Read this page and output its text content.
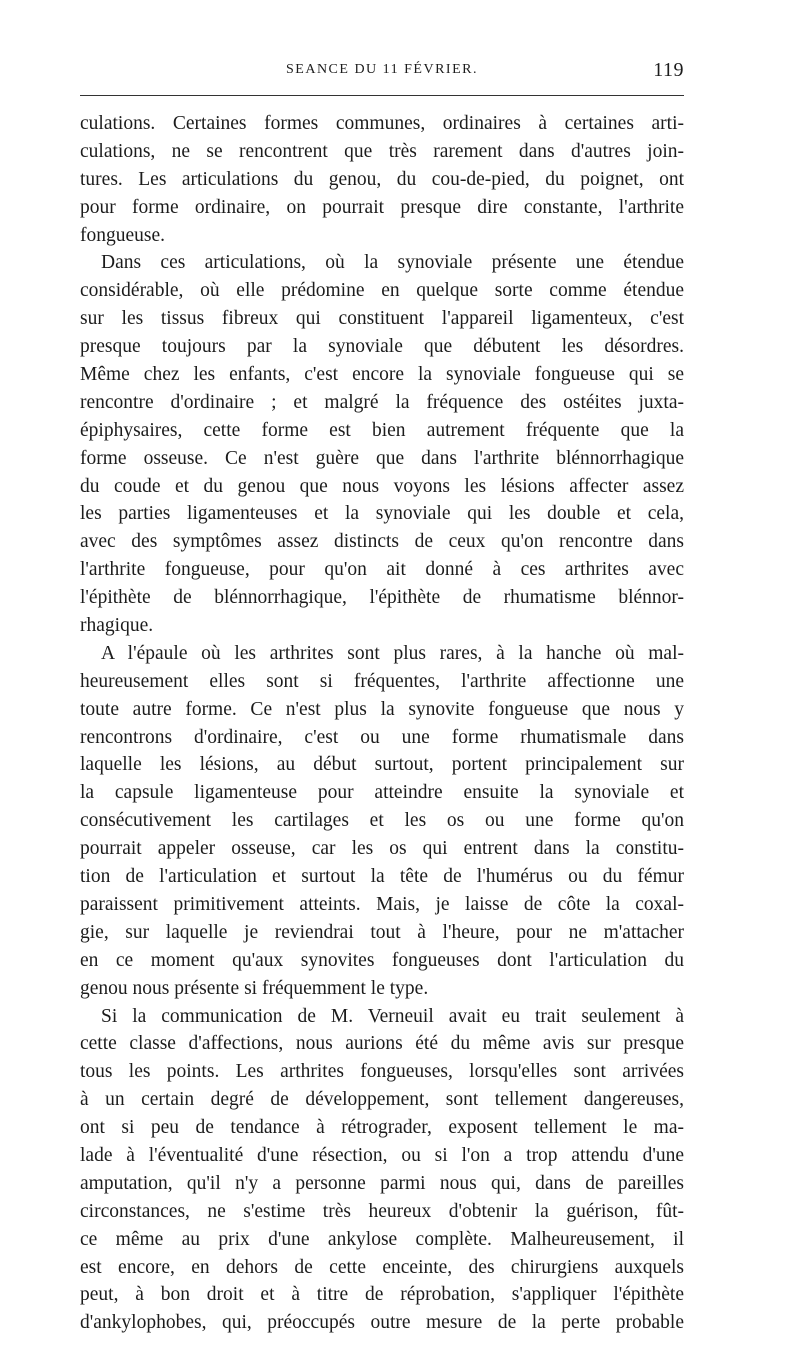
SEANCE DU 11 FÉVRIER.	119
culations. Certaines formes communes, ordinaires à certaines arti-
culations, ne se rencontrent que très rarement dans d'autres join-
tures. Les articulations du genou, du cou-de-pied, du poignet, ont
pour forme ordinaire, on pourrait presque dire constante, l'arthrite
fongueuse.
Dans ces articulations, où la synoviale présente une étendue
considérable, où elle prédomine en quelque sorte comme étendue
sur les tissus fibreux qui constituent l'appareil ligamenteux, c'est
presque toujours par la synoviale que débutent les désordres.
Même chez les enfants, c'est encore la synoviale fongueuse qui se
rencontre d'ordinaire ; et malgré la fréquence des ostéites juxta-
épiphysaires, cette forme est bien autrement fréquente que la
forme osseuse. Ce n'est guère que dans l'arthrite blénnorrhagique
du coude et du genou que nous voyons les lésions affecter assez
les parties ligamenteuses et la synoviale qui les double et cela,
avec des symptômes assez distincts de ceux qu'on rencontre dans
l'arthrite fongueuse, pour qu'on ait donné à ces arthrites avec
l'épithète de blénnorrhagique, l'épithète de rhumatisme blénnor-
rhagique.
A l'épaule où les arthrites sont plus rares, à la hanche où mal-
heureusement elles sont si fréquentes, l'arthrite affectionne une
toute autre forme. Ce n'est plus la synovite fongueuse que nous y
rencontrons d'ordinaire, c'est ou une forme rhumatismale dans
laquelle les lésions, au début surtout, portent principalement sur
la capsule ligamenteuse pour atteindre ensuite la synoviale et
consécutivement les cartilages et les os ou une forme qu'on
pourrait appeler osseuse, car les os qui entrent dans la constitu-
tion de l'articulation et surtout la tête de l'humérus ou du fémur
paraissent primitivement atteints. Mais, je laisse de côte la coxal-
gie, sur laquelle je reviendrai tout à l'heure, pour ne m'attacher
en ce moment qu'aux synovites fongueuses dont l'articulation du
genou nous présente si fréquemment le type.
Si la communication de M. Verneuil avait eu trait seulement à
cette classe d'affections, nous aurions été du même avis sur presque
tous les points. Les arthrites fongueuses, lorsqu'elles sont arrivées
à un certain degré de développement, sont tellement dangereuses,
ont si peu de tendance à rétrograder, exposent tellement le ma-
lade à l'éventualité d'une résection, ou si l'on a trop attendu d'une
amputation, qu'il n'y a personne parmi nous qui, dans de pareilles
circonstances, ne s'estime très heureux d'obtenir la guérison, fût-
ce même au prix d'une ankylose complète. Malheureusement, il
est encore, en dehors de cette enceinte, des chirurgiens auxquels
peut, à bon droit et à titre de réprobation, s'appliquer l'épithète
d'ankylophobes, qui, préoccupés outre mesure de la perte probable
